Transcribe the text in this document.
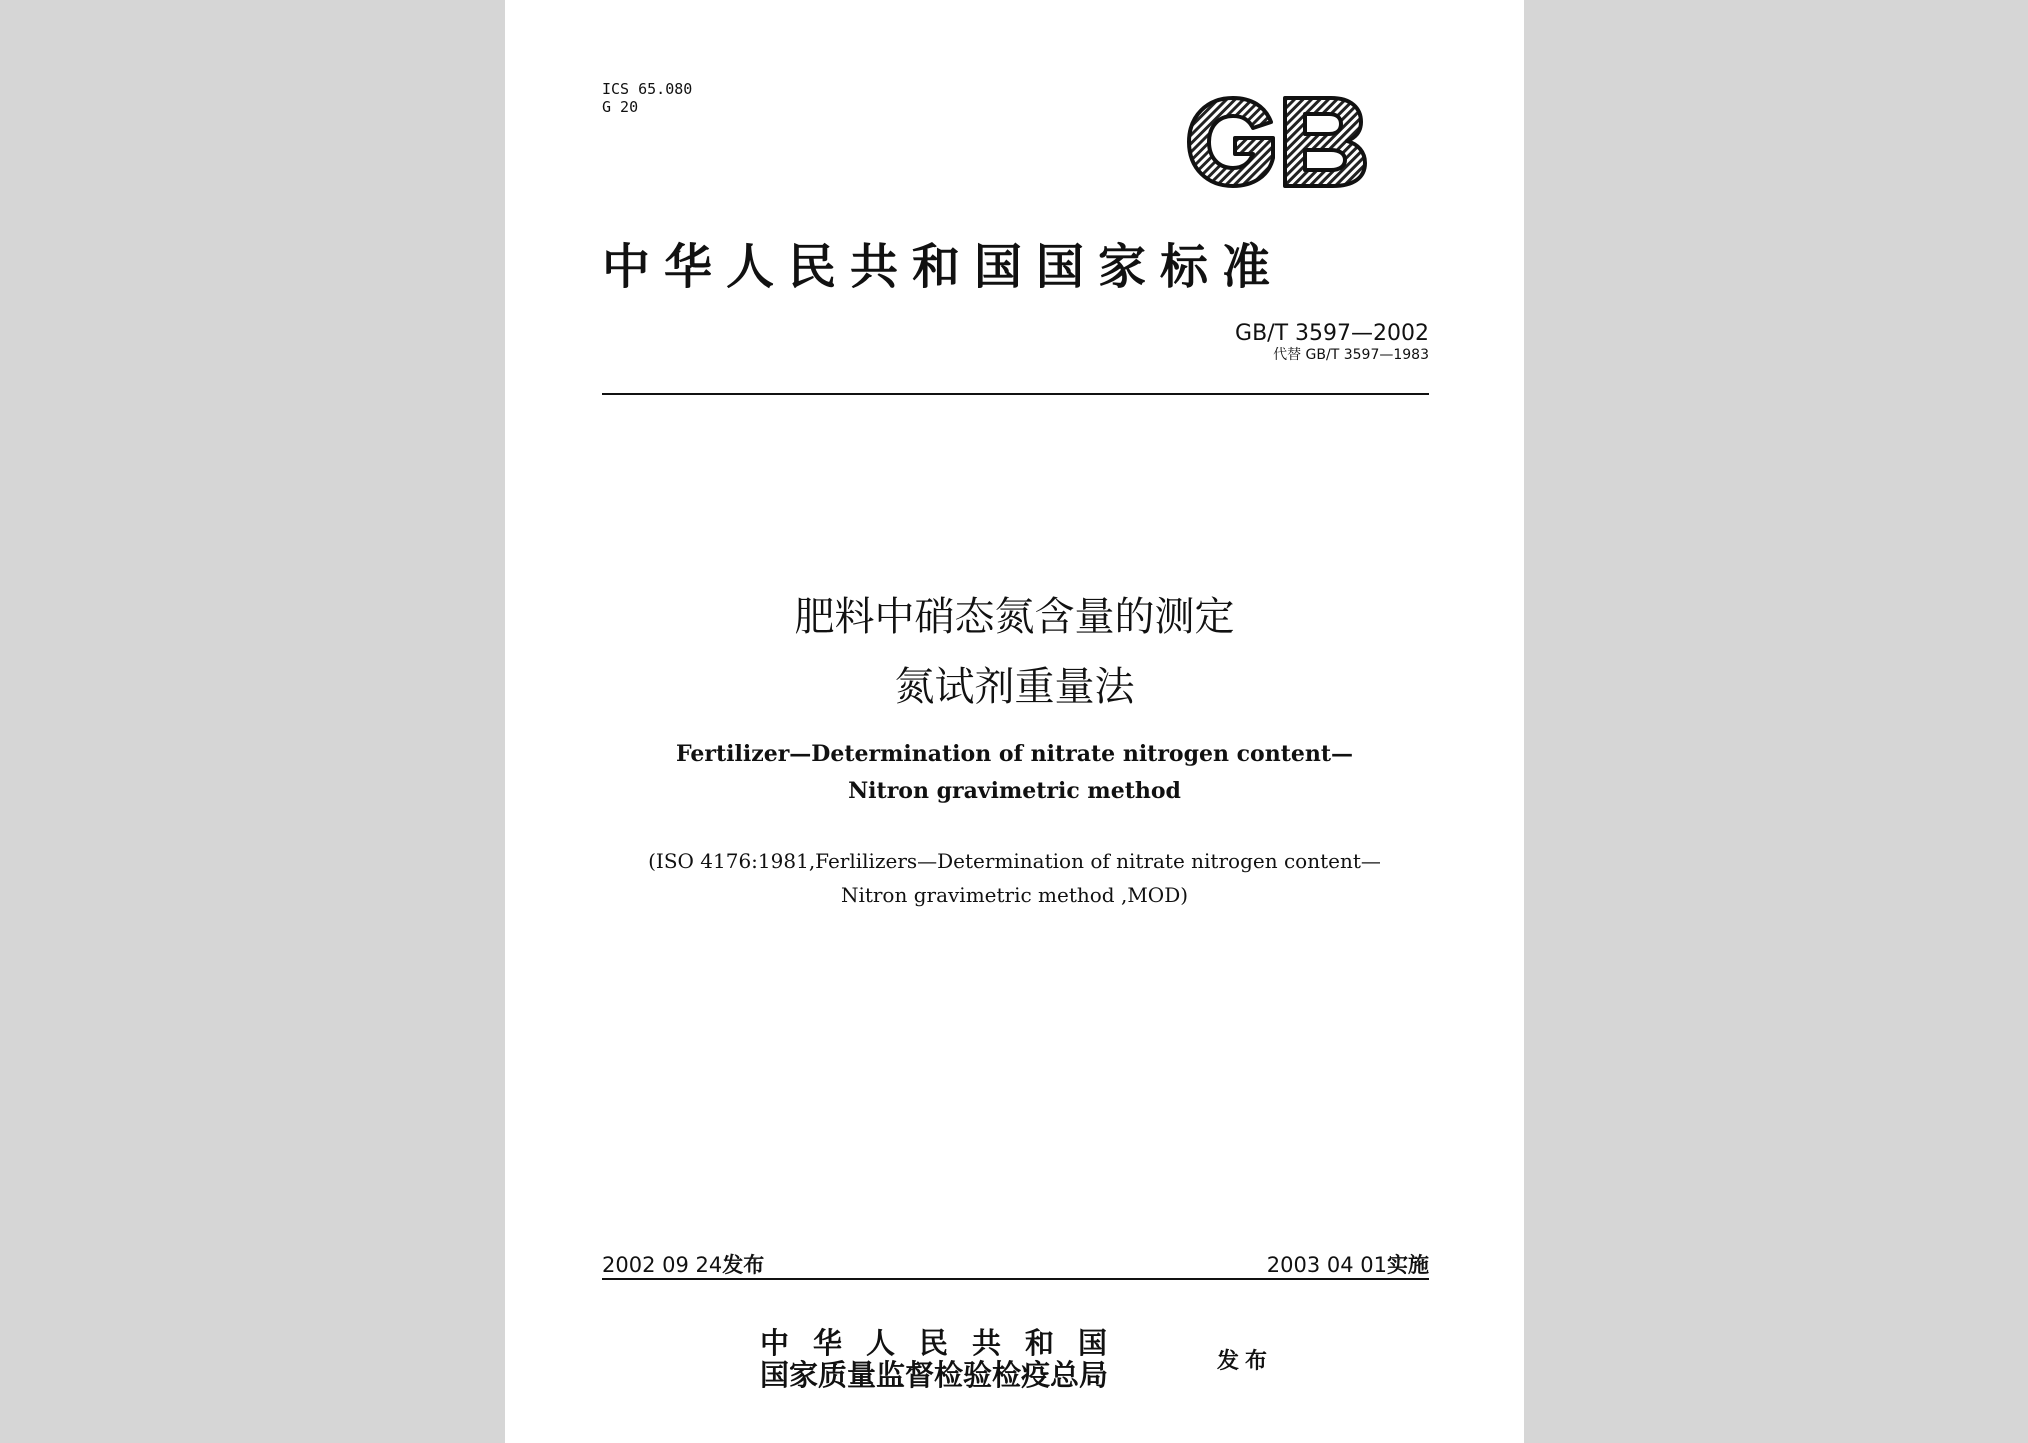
ICS 65.080
G 20
中华人民共和国国家标准
GB/T 3597—2002
代替 GB/T 3597—1983
肥料中硝态氮含量的测定
氮试剂重量法
Fertilizer—Determination of nitrate nitrogen content—
Nitron gravimetric method
(ISO 4176:1981,Ferlilizers—Determination of nitrate nitrogen content—
Nitron gravimetric method ,MOD)
2002 09 24发布	2003 04 01实施
中华人民共和国
国家质量监督检验检疫总局	发布
